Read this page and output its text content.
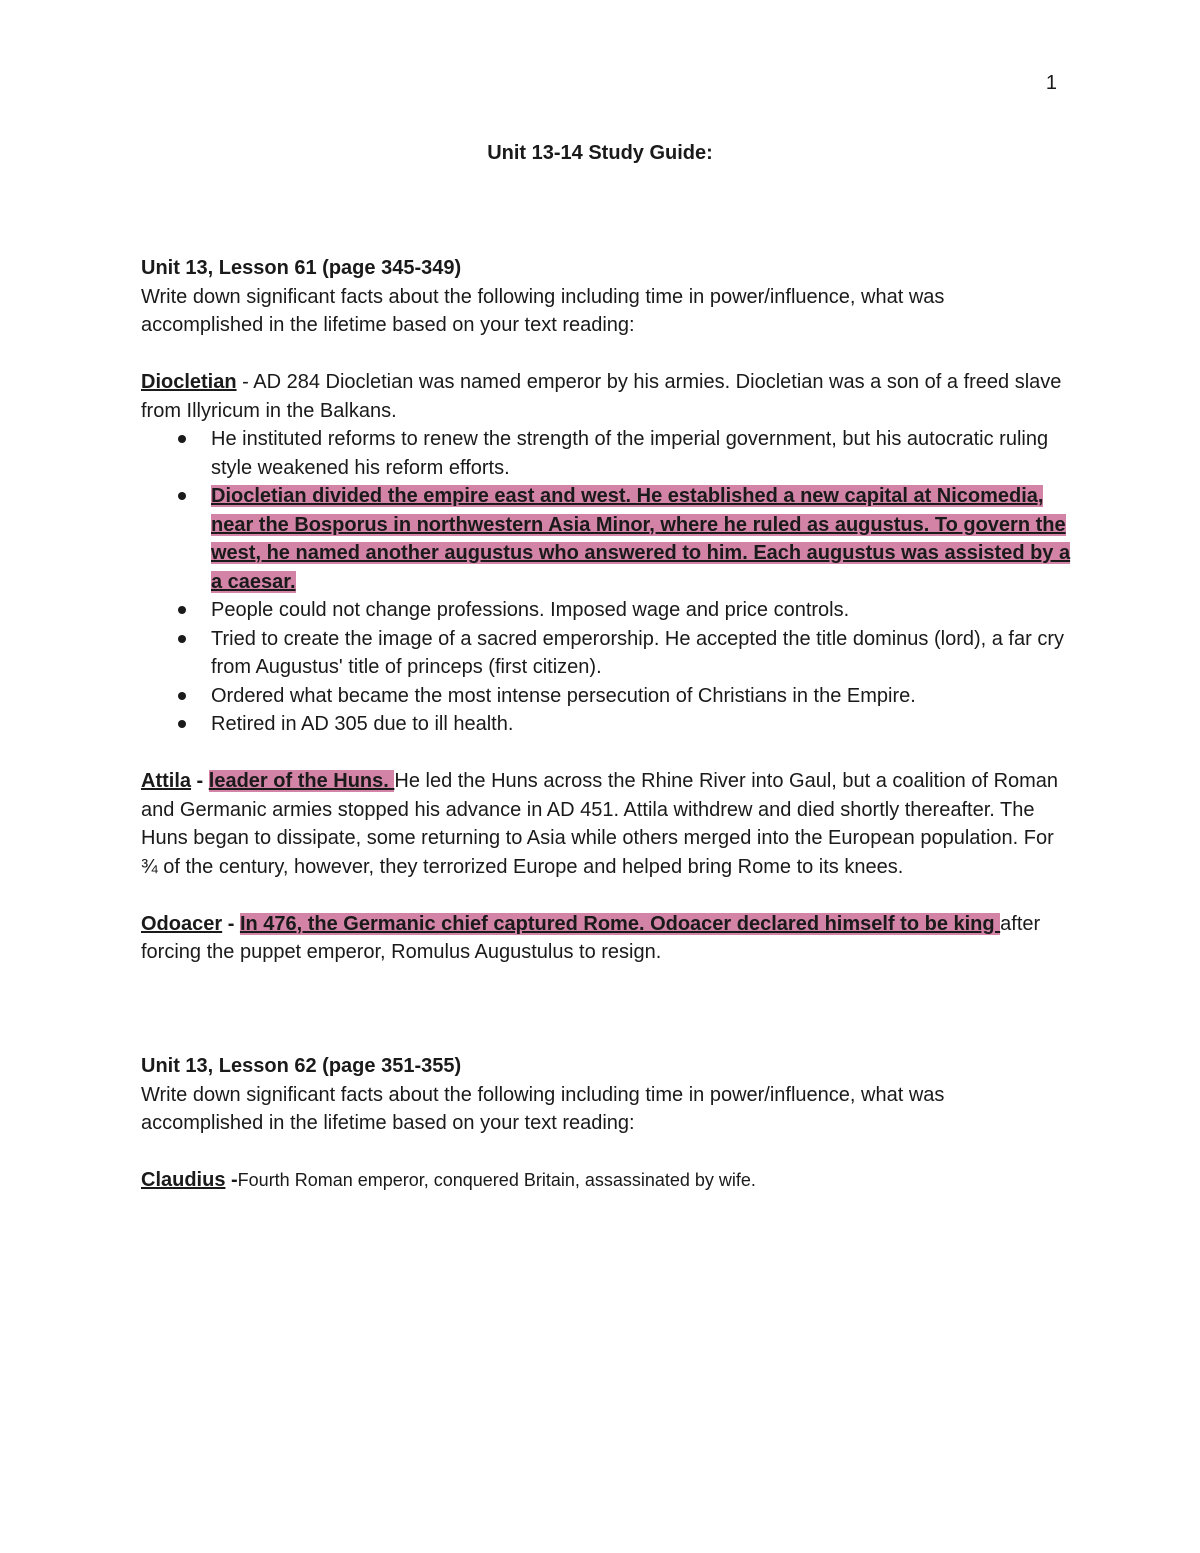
1
Unit 13-14 Study Guide:
Unit 13, Lesson 61 (page 345-349)
Write down significant facts about the following including time in power/influence, what was accomplished in the lifetime based on your text reading:
Diocletian - AD 284 Diocletian was named emperor by his armies. Diocletian was a son of a freed slave from Illyricum in the Balkans.
He instituted reforms to renew the strength of the imperial government, but his autocratic ruling style weakened his reform efforts.
Diocletian divided the empire east and west. He established a new capital at Nicomedia, near the Bosporus in northwestern Asia Minor, where he ruled as augustus. To govern the west, he named another augustus who answered to him. Each augustus was assisted by a a caesar.
People could not change professions. Imposed wage and price controls.
Tried to create the image of a sacred emperorship. He accepted the title dominus (lord), a far cry from Augustus' title of princeps (first citizen).
Ordered what became the most intense persecution of Christians in the Empire.
Retired in AD 305 due to ill health.
Attila - leader of the Huns. He led the Huns across the Rhine River into Gaul, but a coalition of Roman and Germanic armies stopped his advance in AD 451. Attila withdrew and died shortly thereafter. The Huns began to dissipate, some returning to Asia while others merged into the European population. For ¾ of the century, however, they terrorized Europe and helped bring Rome to its knees.
Odoacer - In 476, the Germanic chief captured Rome. Odoacer declared himself to be king after forcing the puppet emperor, Romulus Augustulus to resign.
Unit 13, Lesson 62 (page 351-355)
Write down significant facts about the following including time in power/influence, what was accomplished in the lifetime based on your text reading:
Claudius -Fourth Roman emperor, conquered Britain, assassinated by wife.
